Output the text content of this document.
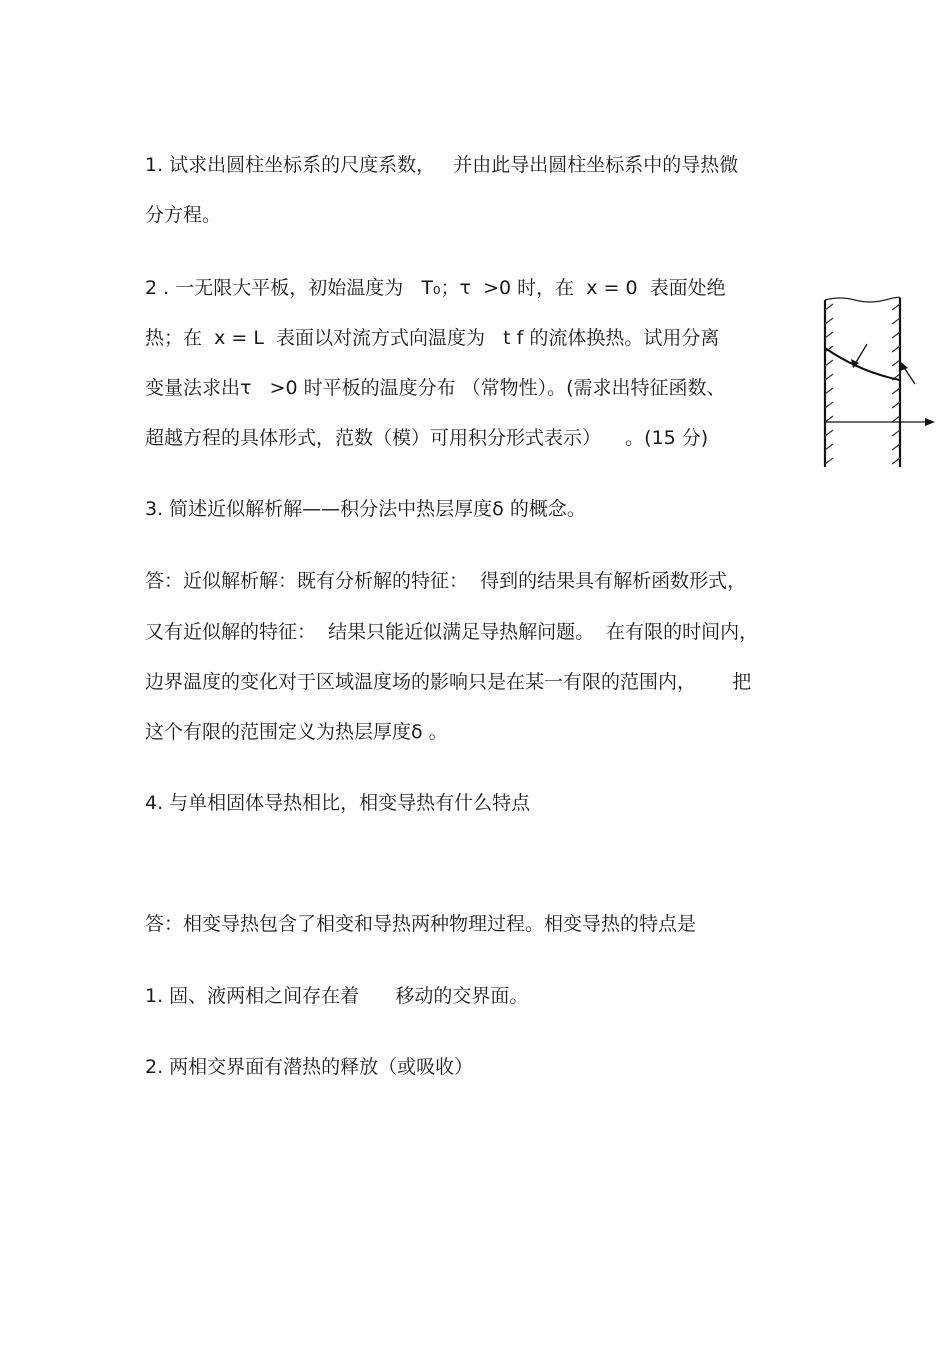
1. 试求出圆柱坐标系的尺度系数，   并由此导出圆柱坐标系中的导热微
分方程。
2 . 一无限大平板，初始温度为   T₀；τ  >0 时，在  x = 0  表面处绝
热；在  x = L  表面以对流方式向温度为   t f 的流体换热。试用分离
变量法求出τ   >0 时平板的温度分布 （常物性）。(需求出特征函数、
超越方程的具体形式，范数（模）可用积分形式表示）    。(15 分)
3. 简述近似解析解——积分法中热层厚度δ 的概念。
答：近似解析解：既有分析解的特征：  得到的结果具有解析函数形式，
又有近似解的特征：  结果只能近似满足导热解问题。  在有限的时间内，
边界温度的变化对于区域温度场的影响只是在某一有限的范围内，      把
这个有限的范围定义为热层厚度δ 。
4. 与单相固体导热相比，相变导热有什么特点
答：相变导热包含了相变和导热两种物理过程。相变导热的特点是
1. 固、液两相之间存在着      移动的交界面。
2. 两相交界面有潜热的释放（或吸收）
